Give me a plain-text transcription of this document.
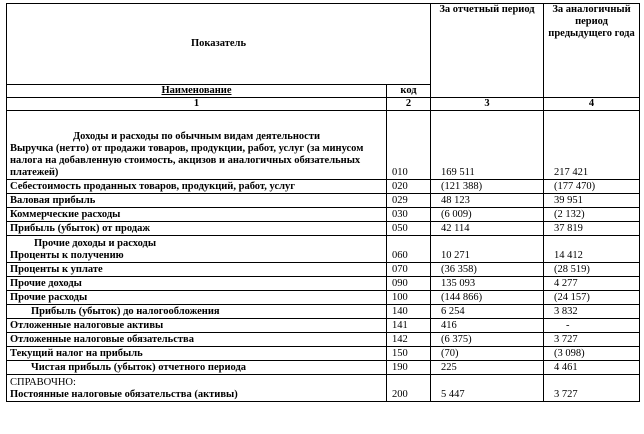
Показатель		За отчетный период	За аналогичный период предыдущего года
Наименование	код		
1	2	3	4

Доходы и расходы по обычным видам деятельности
Выручка (нетто) от продажи товаров, продукции, работ, услуг (за минусом налога на добавленную стоимость, акцизов и аналогичных обязательных платежей)	010	169 511	217 421
Себестоимость проданных товаров, продукций, работ, услуг	020	(121 388)	(177 470)
Валовая прибыль	029	48 123	39 951
Коммерческие расходы	030	(6 009)	(2 132)
Прибыль (убыток) от продаж	050	42 114	37 819

Прочие доходы и расходы
Проценты к получению	060	10 271	14 412
Проценты к уплате	070	(36 358)	(28 519)
Прочие доходы	090	135 093	4 277
Прочие расходы	100	(144 866)	(24 157)
Прибыль (убыток) до налогообложения	140	6 254	3 832
Отложенные налоговые активы	141	416	-
Отложенные налоговые обязательства	142	(6 375)	3 727
Текущий налог на прибыль	150	(70)	(3 098)
Чистая прибыль (убыток) отчетного периода	190	225	4 461

СПРАВОЧНО:
Постоянные налоговые обязательства (активы)	200	5 447	3 727
